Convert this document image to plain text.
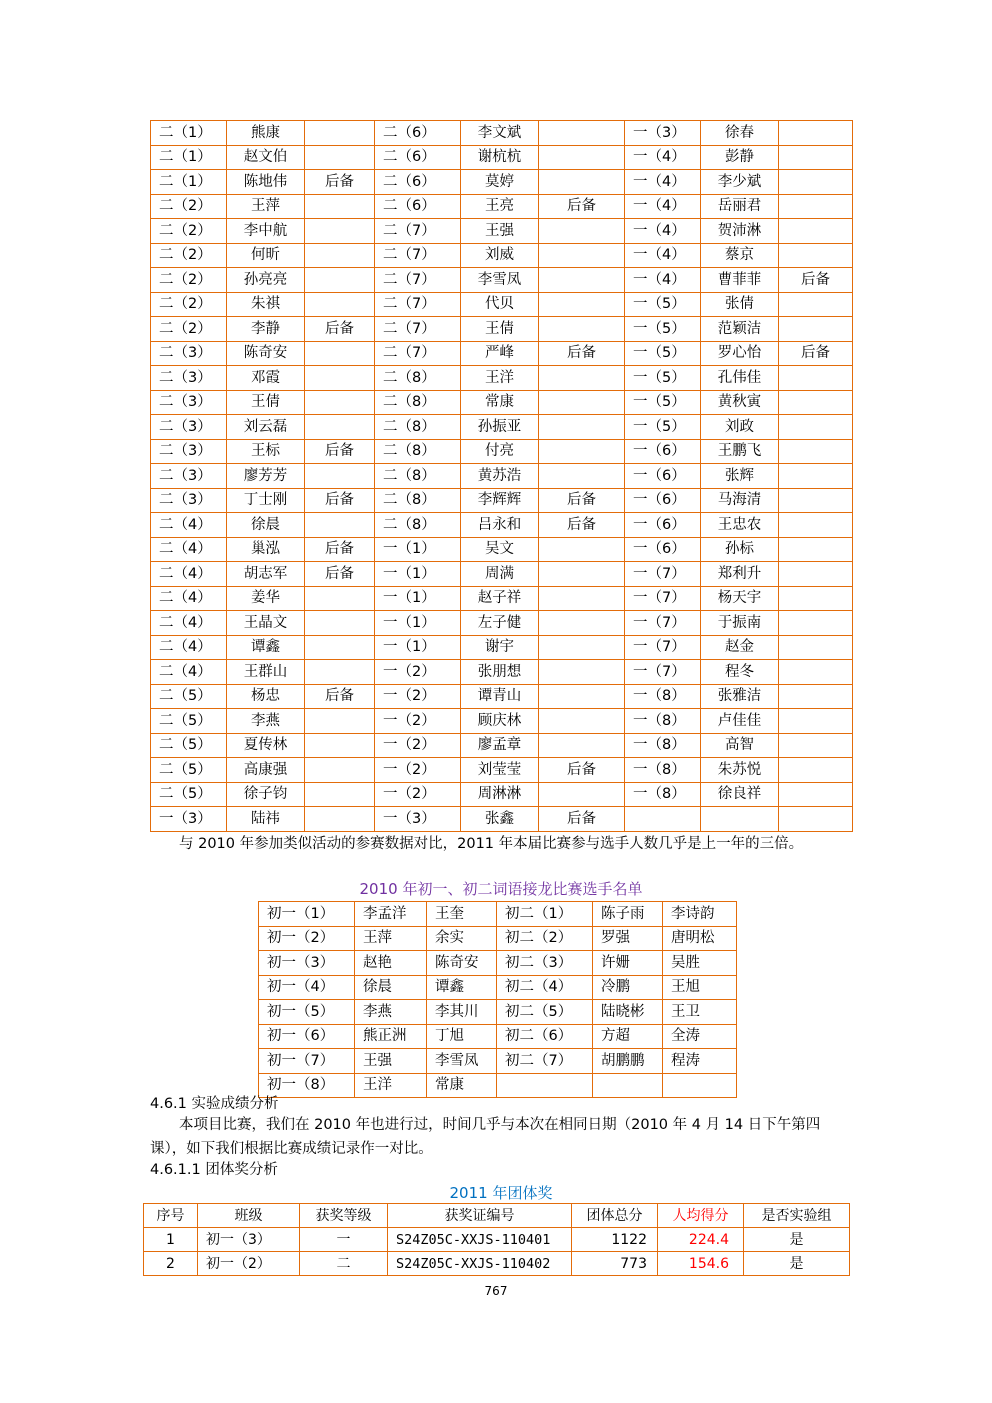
二（1）	熊康		二（6）	李文斌		一（3）	徐春	
二（1）	赵文伯		二（6）	谢杭杭		一（4）	彭静	
二（1）	陈地伟	后备	二（6）	莫婷		一（4）	李少斌	
二（2）	王萍		二（6）	王亮	后备	一（4）	岳丽君	
二（2）	李中航		二（7）	王强		一（4）	贺沛淋	
二（2）	何昕		二（7）	刘威		一（4）	蔡京	
二（2）	孙亮亮		二（7）	李雪凤		一（4）	曹菲菲	后备
二（2）	朱祺		二（7）	代贝		一（5）	张倩	
二（2）	李静	后备	二（7）	王倩		一（5）	范颖洁	
二（3）	陈奇安		二（7）	严峰	后备	一（5）	罗心怡	后备
二（3）	邓霞		二（8）	王洋		一（5）	孔伟佳	
二（3）	王倩		二（8）	常康		一（5）	黄秋寅	
二（3）	刘云磊		二（8）	孙振亚		一（5）	刘政	
二（3）	王标	后备	二（8）	付亮		一（6）	王鹏飞	
二（3）	廖芳芳		二（8）	黄苏浩		一（6）	张辉	
二（3）	丁士刚	后备	二（8）	李辉辉	后备	一（6）	马海清	
二（4）	徐晨		二（8）	吕永和	后备	一（6）	王忠农	
二（4）	巢泓	后备	一（1）	吴文		一（6）	孙标	
二（4）	胡志军	后备	一（1）	周满		一（7）	郑利升	
二（4）	姜华		一（1）	赵子祥		一（7）	杨天宇	
二（4）	王晶文		一（1）	左子健		一（7）	于振南	
二（4）	谭鑫		一（1）	谢宇		一（7）	赵金	
二（4）	王群山		一（2）	张朋想		一（7）	程冬	
二（5）	杨忠	后备	一（2）	谭青山		一（8）	张雅洁	
二（5）	李燕		一（2）	顾庆林		一（8）	卢佳佳	
二（5）	夏传林		一（2）	廖孟章		一（8）	高智	
二（5）	高康强		一（2）	刘莹莹	后备	一（8）	朱苏悦	
二（5）	徐子钧		一（2）	周淋淋		一（8）	徐良祥	
一（3）	陆祎		一（3）	张鑫	后备			

与 2010 年参加类似活动的参赛数据对比，2011 年本届比赛参与选手人数几乎是上一年的三倍。

2010 年初一、初二词语接龙比赛选手名单
初一（1）	李孟洋	王奎	初二（1）	陈子雨	李诗韵
初一（2）	王萍	余实	初二（2）	罗强	唐明松
初一（3）	赵艳	陈奇安	初二（3）	许姗	吴胜
初一（4）	徐晨	谭鑫	初二（4）	冷鹏	王旭
初一（5）	李燕	李其川	初二（5）	陆晓彬	王卫
初一（6）	熊正洲	丁旭	初二（6）	方超	全涛
初一（7）	王强	李雪凤	初二（7）	胡鹏鹏	程涛
初一（8）	王洋	常康			
4.6.1 实验成绩分析

本项目比赛，我们在 2010 年也进行过，时间几乎与本次在相同日期（2010 年 4 月 14 日下午第四课），如下我们根据比赛成绩记录作一对比。

4.6.1.1 团体奖分析
2011 年团体奖
序号	班级	获奖等级	获奖证编号	团体总分	人均得分	是否实验组
1	初一（3）	一	S24Z05C-XXJS-110401	1122	224.4	是
2	初一（2）	二	S24Z05C-XXJS-110402	773	154.6	是
767
